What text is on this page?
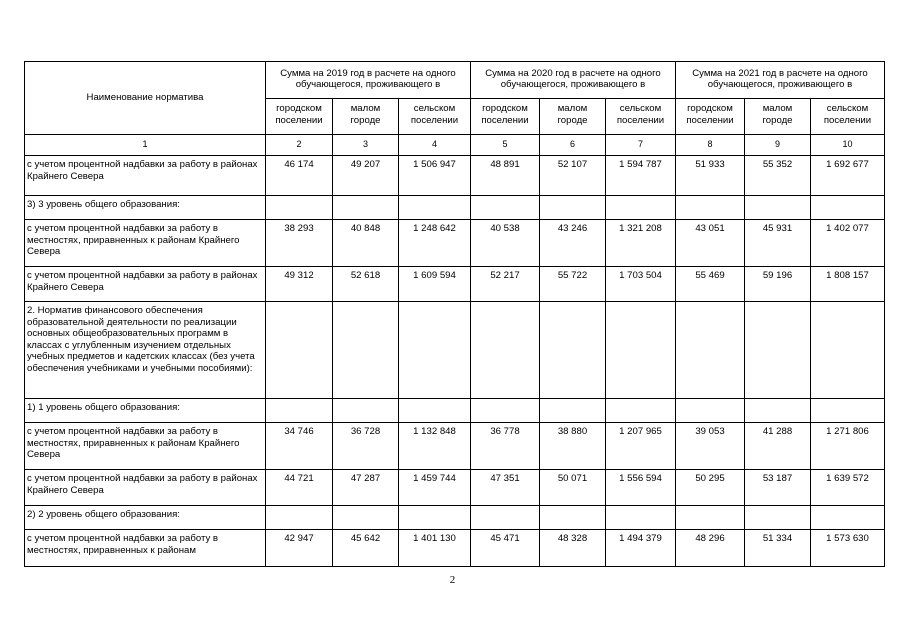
Наименование норматива	Сумма на 2019 год в расчете на одного обучающегося, проживающего в			Сумма на 2020 год в расчете на одного обучающегося, проживающего в			Сумма на 2021 год в расчете на одного обучающегося, проживающего в		
	городском поселении	малом городе	сельском поселении	городском поселении	малом городе	сельском поселении	городском поселении	малом городе	сельском поселении
1	2	3	4	5	6	7	8	9	10
с учетом процентной надбавки за работу в районах Крайнего Севера	46 174	49 207	1 506 947	48 891	52 107	1 594 787	51 933	55 352	1 692 677
3) 3 уровень общего образования:									
с учетом процентной надбавки за работу в местностях, приравненных к районам Крайнего Севера	38 293	40 848	1 248 642	40 538	43 246	1 321 208	43 051	45 931	1 402 077
с учетом процентной надбавки за работу в районах Крайнего Севера	49 312	52 618	1 609 594	52 217	55 722	1 703 504	55 469	59 196	1 808 157
2. Норматив финансового обеспечения образовательной деятельности по реализации основных общеобразовательных программ в классах с углубленным изучением отдельных учебных предметов и кадетских классах (без учета обеспечения учебниками и учебными пособиями):									
1) 1 уровень общего образования:									
с учетом процентной надбавки за работу в местностях, приравненных к районам Крайнего Севера	34 746	36 728	1 132 848	36 778	38 880	1 207 965	39 053	41 288	1 271 806
с учетом процентной надбавки за работу в районах Крайнего Севера	44 721	47 287	1 459 744	47 351	50 071	1 556 594	50 295	53 187	1 639 572
2) 2 уровень общего образования:									
с учетом процентной надбавки за работу в местностях, приравненных к районам	42 947	45 642	1 401 130	45 471	48 328	1 494 379	48 296	51 334	1 573 630
2
